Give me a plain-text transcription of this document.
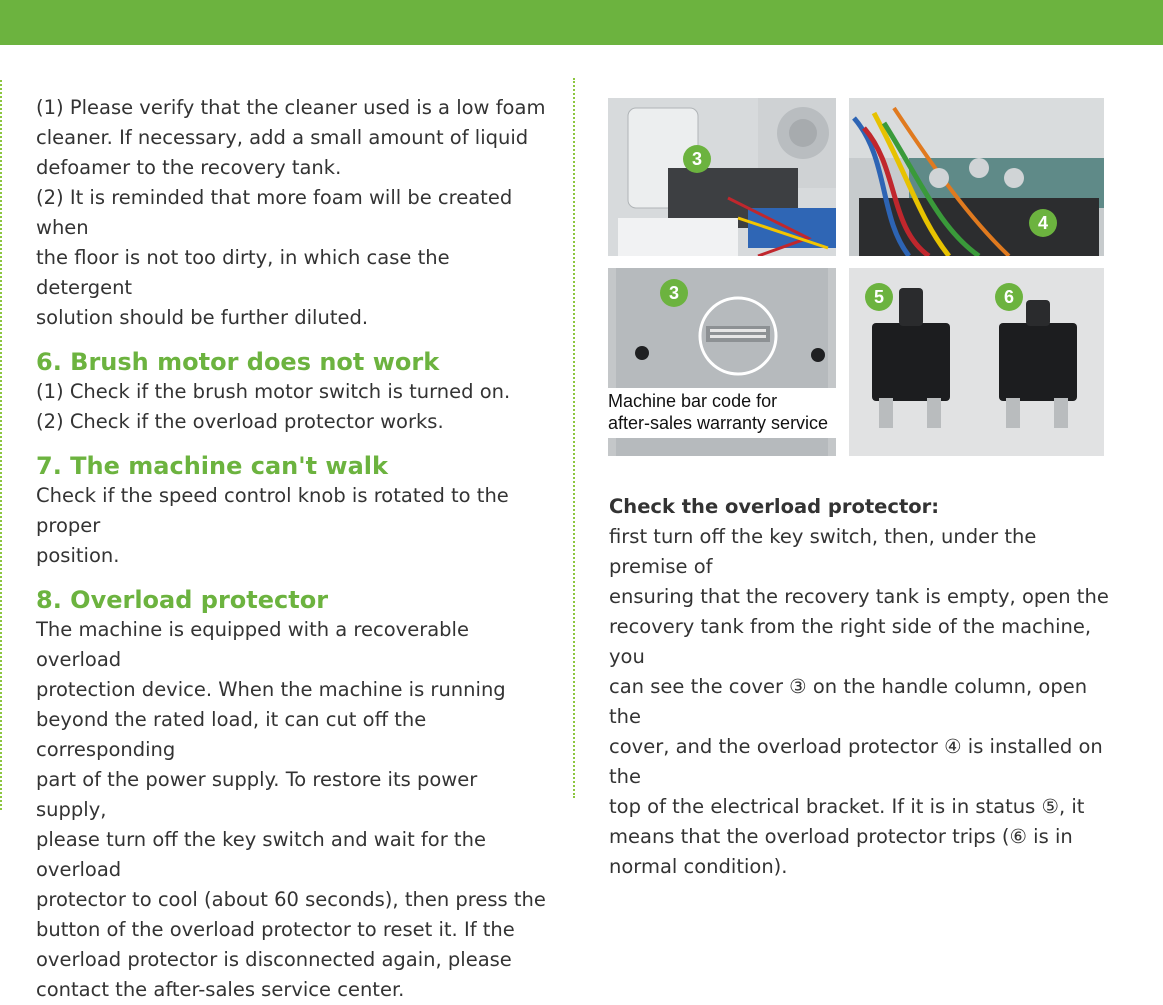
(1) Please verify that the cleaner used is a low foam
cleaner. If necessary, add a small amount of liquid
defoamer to the recovery tank.
(2) It is reminded that more foam will be created when
the floor is not too dirty, in which case the detergent
solution should be further diluted.

6. Brush motor does not work

(1) Check if the brush motor switch is turned on.
(2) Check if the overload protector works.

7. The machine can't walk

Check if the speed control knob is rotated to the proper
position.

8. Overload protector

The machine is equipped with a recoverable overload
protection device. When the machine is running
beyond the rated load, it can cut off the corresponding
part of the power supply. To restore its power supply,
please turn off the key switch and wait for the overload
protector to cool (about 60 seconds), then press the
button of the overload protector to reset it. If the
overload protector is disconnected again, please
contact the after-sales service center.

3
4
3
Machine bar code for
after-sales warranty service
5	6

Check the overload protector:

first turn off the key switch, then, under the premise of
ensuring that the recovery tank is empty, open the
recovery tank from the right side of the machine, you
can see the cover ③ on the handle column, open the
cover, and the overload protector ④ is installed on the
top of the electrical bracket. If it is in status ⑤, it
means that the overload protector trips (⑥ is in
normal condition).
